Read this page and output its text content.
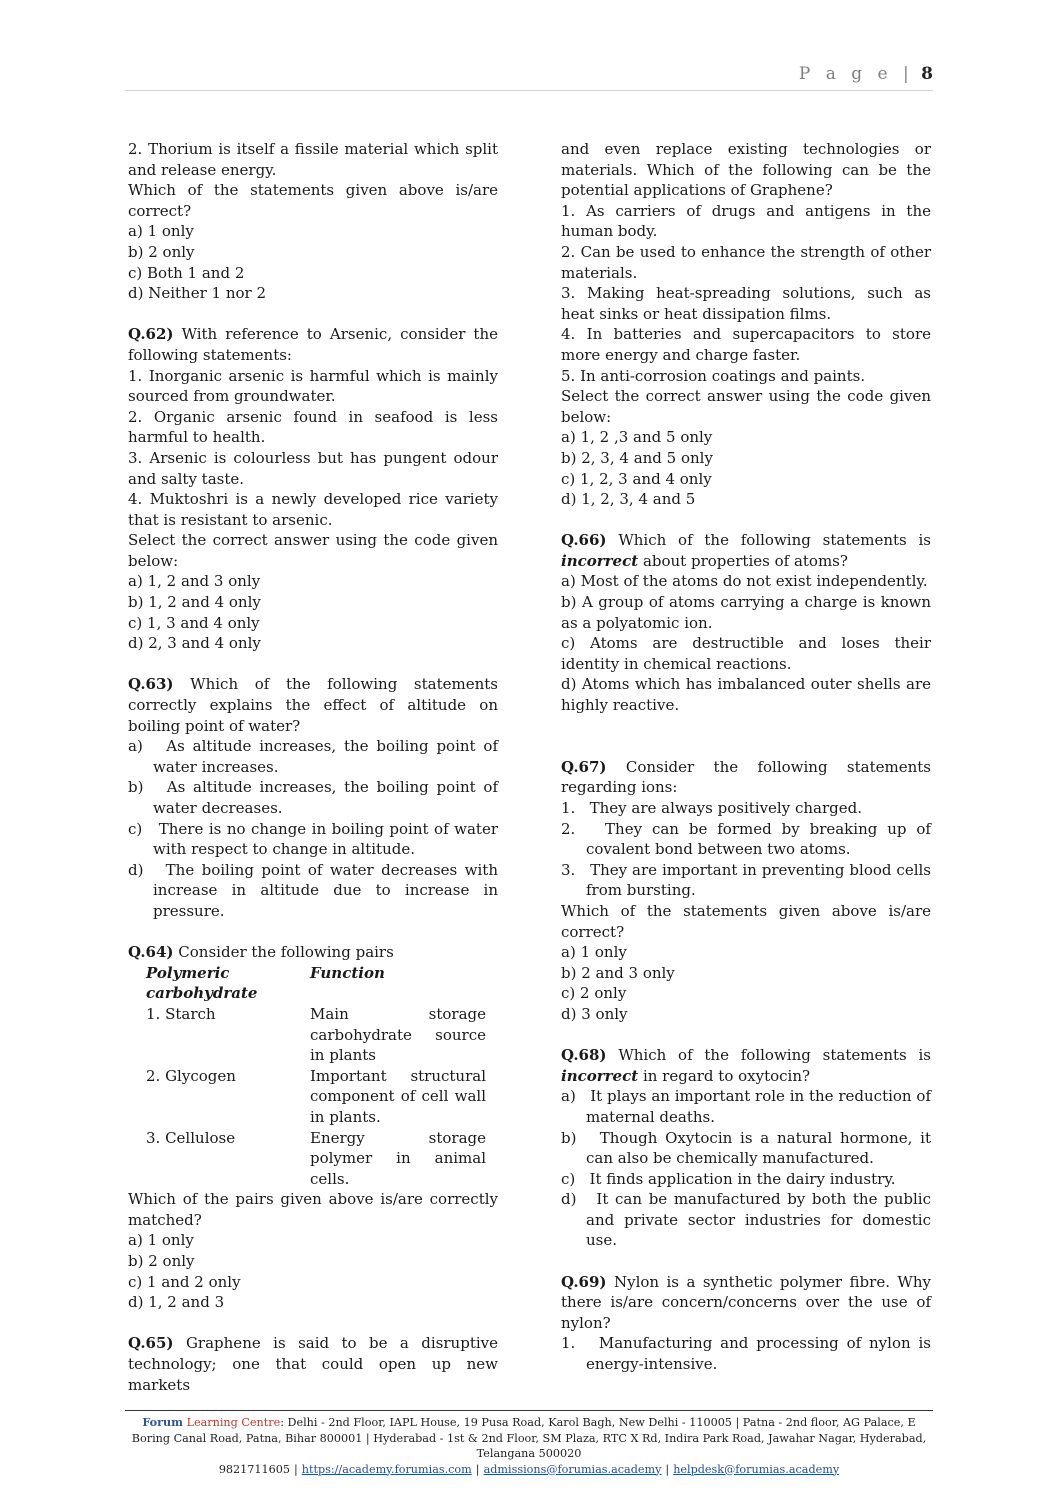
P a g e | 8
2. Thorium is itself a fissile material which split and release energy.
Which of the statements given above is/are correct?
a) 1 only
b) 2 only
c) Both 1 and 2
d) Neither 1 nor 2
Q.62) With reference to Arsenic, consider the following statements:
1. Inorganic arsenic is harmful which is mainly sourced from groundwater.
2. Organic arsenic found in seafood is less harmful to health.
3. Arsenic is colourless but has pungent odour and salty taste.
4. Muktoshri is a newly developed rice variety that is resistant to arsenic.
Select the correct answer using the code given below:
a) 1, 2 and 3 only
b) 1, 2 and 4 only
c) 1, 3 and 4 only
d) 2, 3 and 4 only
Q.63) Which of the following statements correctly explains the effect of altitude on boiling point of water?
a)   As altitude increases, the boiling point of water increases.
b)   As altitude increases, the boiling point of water decreases.
c)   There is no change in boiling point of water with respect to change in altitude.
d)   The boiling point of water decreases with increase in altitude due to increase in pressure.
Q.64) Consider the following pairs
Polymeric carbohydrate	Function
1. Starch	Main storage carbohydrate source in plants
2. Glycogen	Important structural component of cell wall in plants.
3. Cellulose	Energy storage polymer in animal cells.
Which of the pairs given above is/are correctly matched?
a) 1 only
b) 2 only
c) 1 and 2 only
d) 1, 2 and 3
Q.65) Graphene is said to be a disruptive technology; one that could open up new markets
and even replace existing technologies or materials. Which of the following can be the potential applications of Graphene?
1. As carriers of drugs and antigens in the human body.
2. Can be used to enhance the strength of other materials.
3. Making heat-spreading solutions, such as heat sinks or heat dissipation films.
4. In batteries and supercapacitors to store more energy and charge faster.
5. In anti-corrosion coatings and paints.
Select the correct answer using the code given below:
a) 1, 2 ,3 and 5 only
b) 2, 3, 4 and 5 only
c) 1, 2, 3 and 4 only
d) 1, 2, 3, 4 and 5
Q.66) Which of the following statements is incorrect about properties of atoms?
a) Most of the atoms do not exist independently.
b) A group of atoms carrying a charge is known as a polyatomic ion.
c) Atoms are destructible and loses their identity in chemical reactions.
d) Atoms which has imbalanced outer shells are highly reactive.
Q.67) Consider the following statements regarding ions:
1.   They are always positively charged.
2.   They can be formed by breaking up of covalent bond between two atoms.
3.   They are important in preventing blood cells from bursting.
Which of the statements given above is/are correct?
a) 1 only
b) 2 and 3 only
c) 2 only
d) 3 only
Q.68) Which of the following statements is incorrect in regard to oxytocin?
a)   It plays an important role in the reduction of maternal deaths.
b)   Though Oxytocin is a natural hormone, it can also be chemically manufactured.
c)   It finds application in the dairy industry.
d)   It can be manufactured by both the public and private sector industries for domestic use.
Q.69) Nylon is a synthetic polymer fibre. Why there is/are concern/concerns over the use of nylon?
1.   Manufacturing and processing of nylon is energy-intensive.
Forum Learning Centre: Delhi - 2nd Floor, IAPL House, 19 Pusa Road, Karol Bagh, New Delhi - 110005 | Patna - 2nd floor, AG Palace, E Boring Canal Road, Patna, Bihar 800001 | Hyderabad - 1st & 2nd Floor, SM Plaza, RTC X Rd, Indira Park Road, Jawahar Nagar, Hyderabad, Telangana 500020
9821711605 | https://academy.forumias.com | admissions@forumias.academy | helpdesk@forumias.academy
